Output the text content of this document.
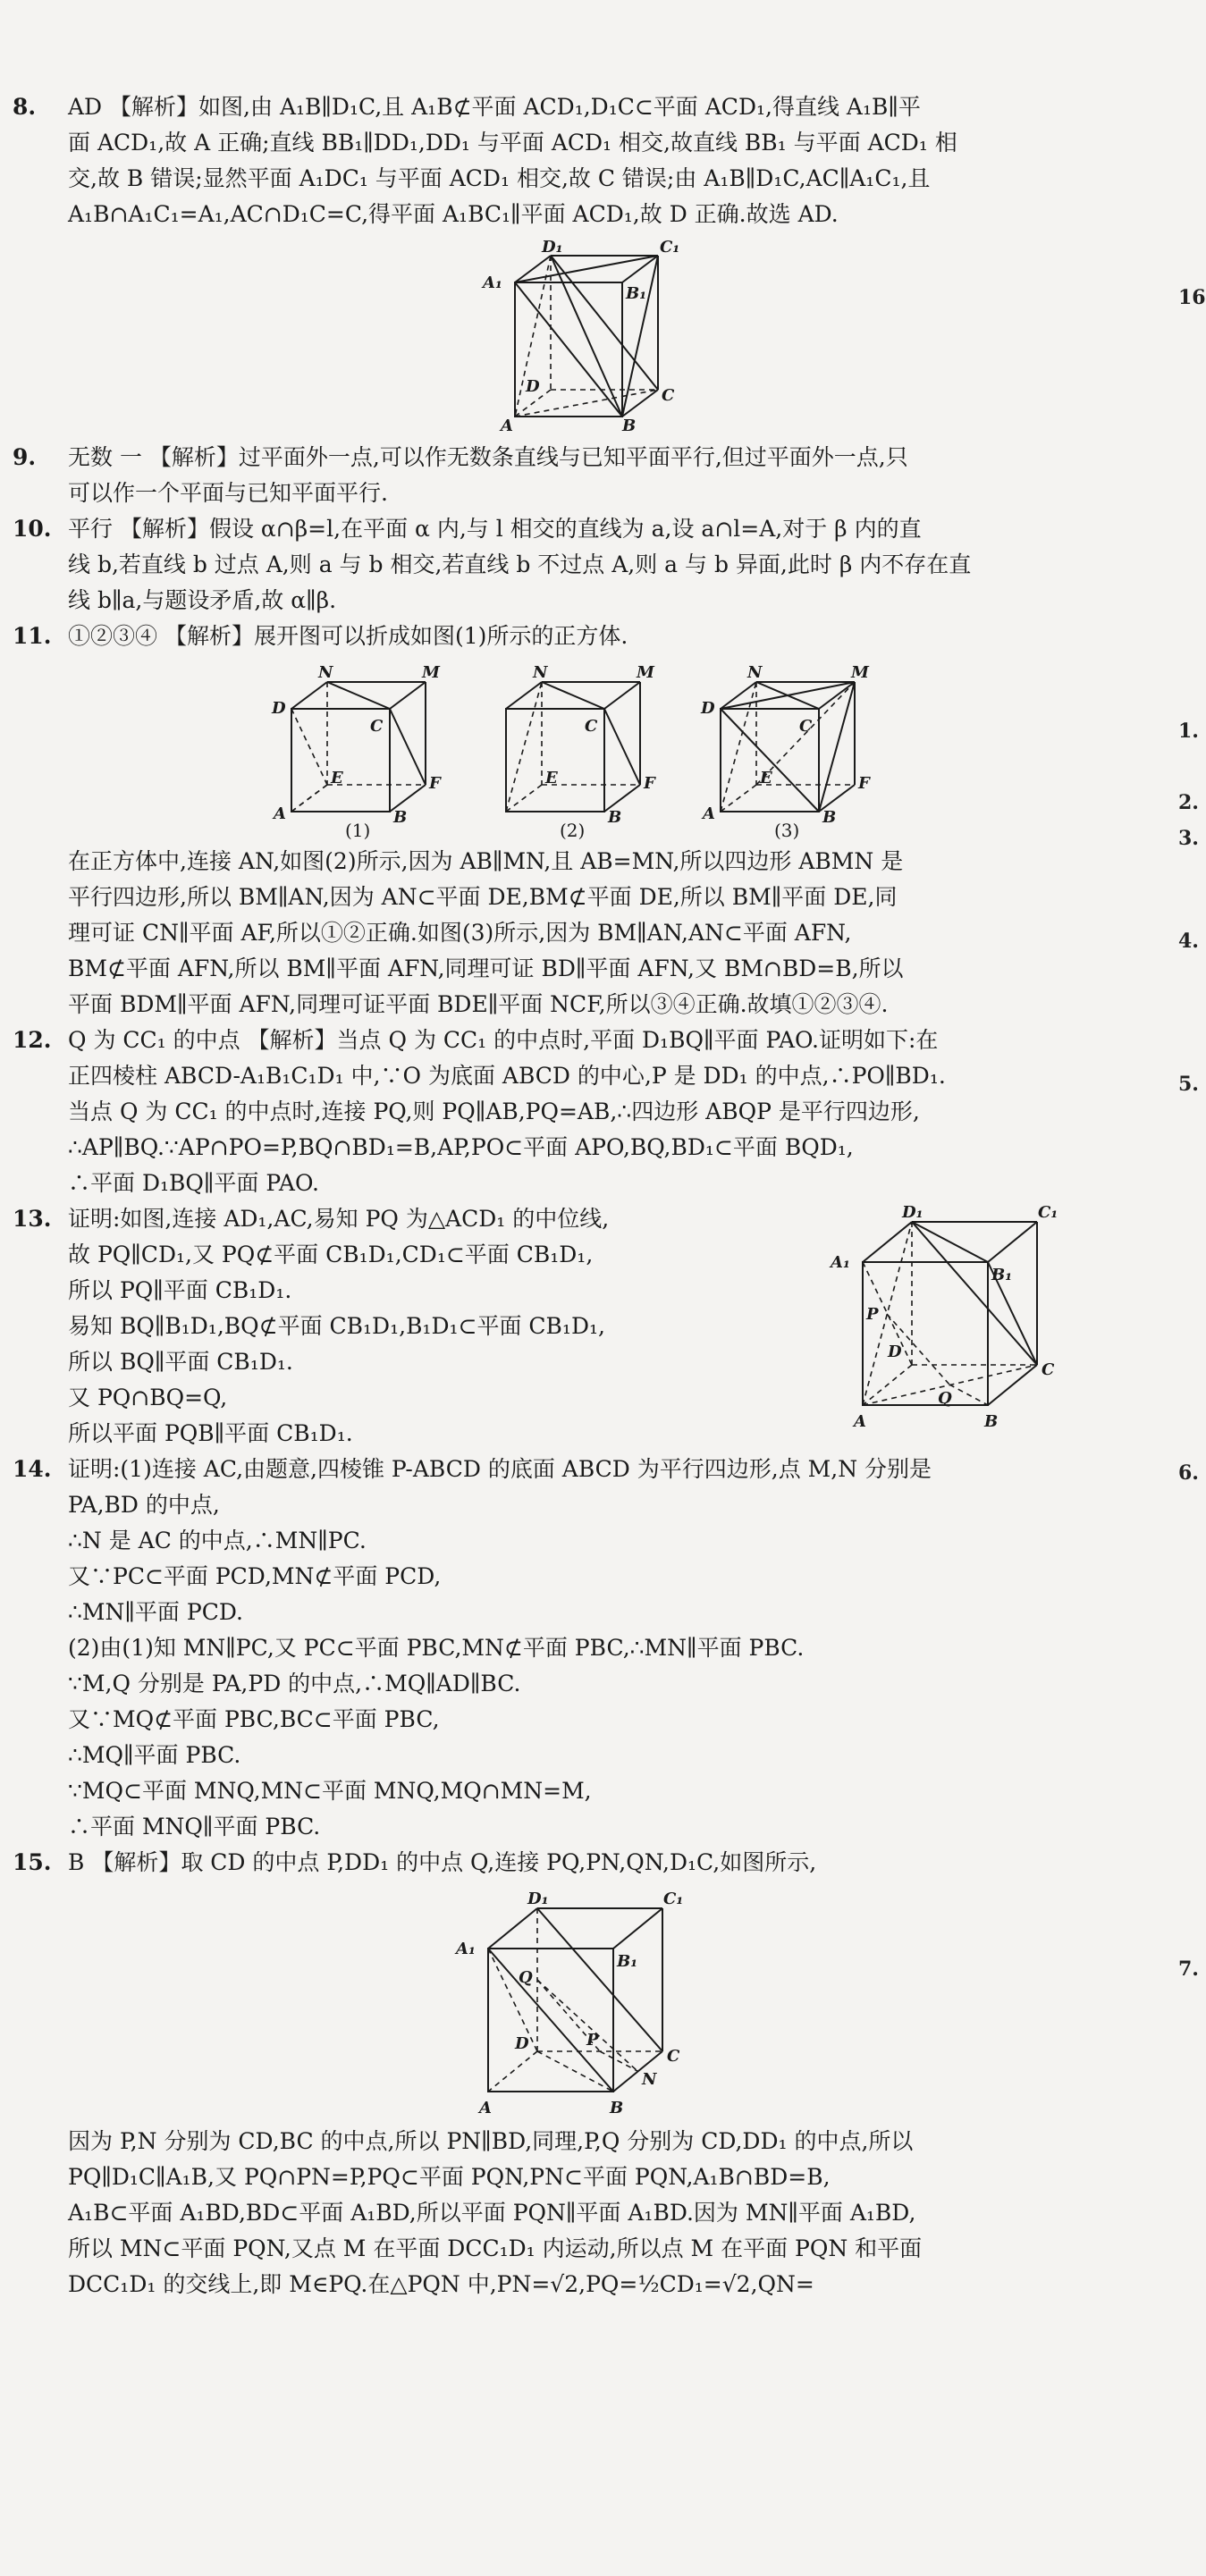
8. AD 【解析】如图,由 A₁B∥D₁C,且 A₁B⊄平面 ACD₁,D₁C⊂平面 ACD₁,得直线 A₁B∥平
面 ACD₁,故 A 正确;直线 BB₁∥DD₁,DD₁ 与平面 ACD₁ 相交,故直线 BB₁ 与平面 ACD₁ 相
交,故 B 错误;显然平面 A₁DC₁ 与平面 ACD₁ 相交,故 C 错误;由 A₁B∥D₁C,AC∥A₁C₁,且
A₁B∩A₁C₁=A₁,AC∩D₁C=C,得平面 A₁BC₁∥平面 ACD₁,故 D 正确.故选 AD.
D₁	C₁
A₁
B₁
D	C
A	B
9. 无数 一 【解析】过平面外一点,可以作无数条直线与已知平面平行,但过平面外一点,只
可以作一个平面与已知平面平行.
10. 平行 【解析】假设 α∩β=l,在平面 α 内,与 l 相交的直线为 a,设 a∩l=A,对于 β 内的直
线 b,若直线 b 过点 A,则 a 与 b 相交,若直线 b 不过点 A,则 a 与 b 异面,此时 β 内不存在直
线 b∥a,与题设矛盾,故 α∥β.
11. ①②③④ 【解析】展开图可以折成如图(1)所示的正方体.
N	M
D
C
E	F
A	B
N	M
C
E	F
B
N	M
D
C
E	F
A	B
(1)	(2)	(3)
在正方体中,连接 AN,如图(2)所示,因为 AB∥MN,且 AB=MN,所以四边形 ABMN 是
平行四边形,所以 BM∥AN,因为 AN⊂平面 DE,BM⊄平面 DE,所以 BM∥平面 DE,同
理可证 CN∥平面 AF,所以①②正确.如图(3)所示,因为 BM∥AN,AN⊂平面 AFN,
BM⊄平面 AFN,所以 BM∥平面 AFN,同理可证 BD∥平面 AFN,又 BM∩BD=B,所以
平面 BDM∥平面 AFN,同理可证平面 BDE∥平面 NCF,所以③④正确.故填①②③④.
12. Q 为 CC₁ 的中点 【解析】当点 Q 为 CC₁ 的中点时,平面 D₁BQ∥平面 PAO.证明如下:在
正四棱柱 ABCD-A₁B₁C₁D₁ 中,∵O 为底面 ABCD 的中心,P 是 DD₁ 的中点,∴PO∥BD₁.
当点 Q 为 CC₁ 的中点时,连接 PQ,则 PQ∥AB,PQ=AB,∴四边形 ABQP 是平行四边形,
∴AP∥BQ.∵AP∩PO=P,BQ∩BD₁=B,AP,PO⊂平面 APO,BQ,BD₁⊂平面 BQD₁,
∴平面 D₁BQ∥平面 PAO.
13. 证明:如图,连接 AD₁,AC,易知 PQ 为△ACD₁ 的中位线,
故 PQ∥CD₁,又 PQ⊄平面 CB₁D₁,CD₁⊂平面 CB₁D₁,
所以 PQ∥平面 CB₁D₁.
易知 BQ∥B₁D₁,BQ⊄平面 CB₁D₁,B₁D₁⊂平面 CB₁D₁,
所以 BQ∥平面 CB₁D₁.
又 PQ∩BQ=Q,
所以平面 PQB∥平面 CB₁D₁.
D₁	C₁
A₁
B₁
P
D
Q
C
A	B
14. 证明:(1)连接 AC,由题意,四棱锥 P-ABCD 的底面 ABCD 为平行四边形,点 M,N 分别是
PA,BD 的中点,
∴N 是 AC 的中点,∴MN∥PC.
又∵PC⊂平面 PCD,MN⊄平面 PCD,
∴MN∥平面 PCD.
(2)由(1)知 MN∥PC,又 PC⊂平面 PBC,MN⊄平面 PBC,∴MN∥平面 PBC.
∵M,Q 分别是 PA,PD 的中点,∴MQ∥AD∥BC.
又∵MQ⊄平面 PBC,BC⊂平面 PBC,
∴MQ∥平面 PBC.
∵MQ⊂平面 MNQ,MN⊂平面 MNQ,MQ∩MN=M,
∴平面 MNQ∥平面 PBC.
15. B 【解析】取 CD 的中点 P,DD₁ 的中点 Q,连接 PQ,PN,QN,D₁C,如图所示,
D₁	C₁
A₁
Q
B₁
D	P
C
N
A	B
因为 P,N 分别为 CD,BC 的中点,所以 PN∥BD,同理,P,Q 分别为 CD,DD₁ 的中点,所以
PQ∥D₁C∥A₁B,又 PQ∩PN=P,PQ⊂平面 PQN,PN⊂平面 PQN,A₁B∩BD=B,
A₁B⊂平面 A₁BD,BD⊂平面 A₁BD,所以平面 PQN∥平面 A₁BD.因为 MN∥平面 A₁BD,
所以 MN⊂平面 PQN,又点 M 在平面 DCC₁D₁ 内运动,所以点 M 在平面 PQN 和平面
DCC₁D₁ 的交线上,即 M∈PQ.在△PQN 中,PN=√2,PQ=½CD₁=√2,QN=
16
1.
2.
3.
4.
5.
6.
7.
